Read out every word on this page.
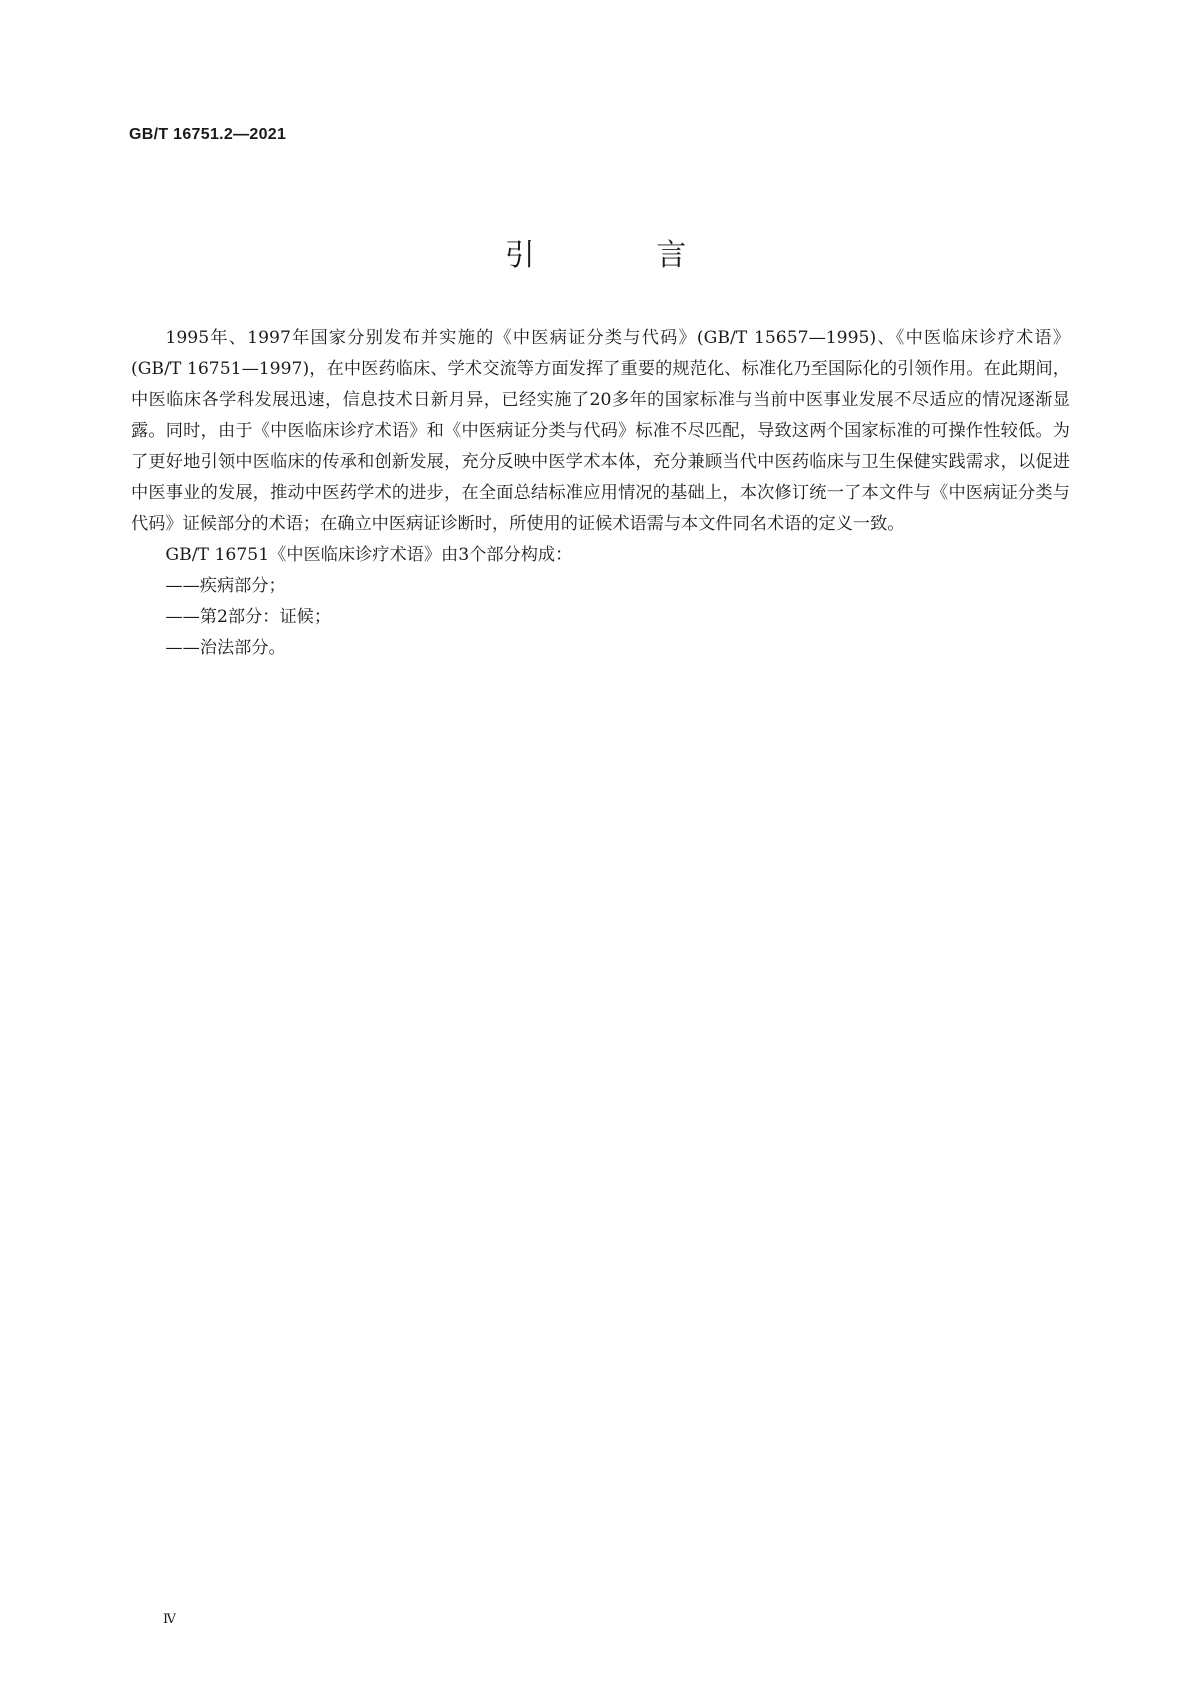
GB/T 16751.2—2021
引 言

1995年、1997年国家分别发布并实施的《中医病证分类与代码》(GB/T 15657—1995)、《中医临床诊疗术语》(GB/T 16751—1997)，在中医药临床、学术交流等方面发挥了重要的规范化、标准化乃至国际化的引领作用。在此期间，中医临床各学科发展迅速，信息技术日新月异，已经实施了20多年的国家标准与当前中医事业发展不尽适应的情况逐渐显露。同时，由于《中医临床诊疗术语》和《中医病证分类与代码》标准不尽匹配，导致这两个国家标准的可操作性较低。为了更好地引领中医临床的传承和创新发展，充分反映中医学术本体，充分兼顾当代中医药临床与卫生保健实践需求，以促进中医事业的发展，推动中医药学术的进步，在全面总结标准应用情况的基础上，本次修订统一了本文件与《中医病证分类与代码》证候部分的术语；在确立中医病证诊断时，所使用的证候术语需与本文件同名术语的定义一致。

GB/T 16751《中医临床诊疗术语》由3个部分构成：

——疾病部分；

——第2部分：证候；

——治法部分。

Ⅳ
